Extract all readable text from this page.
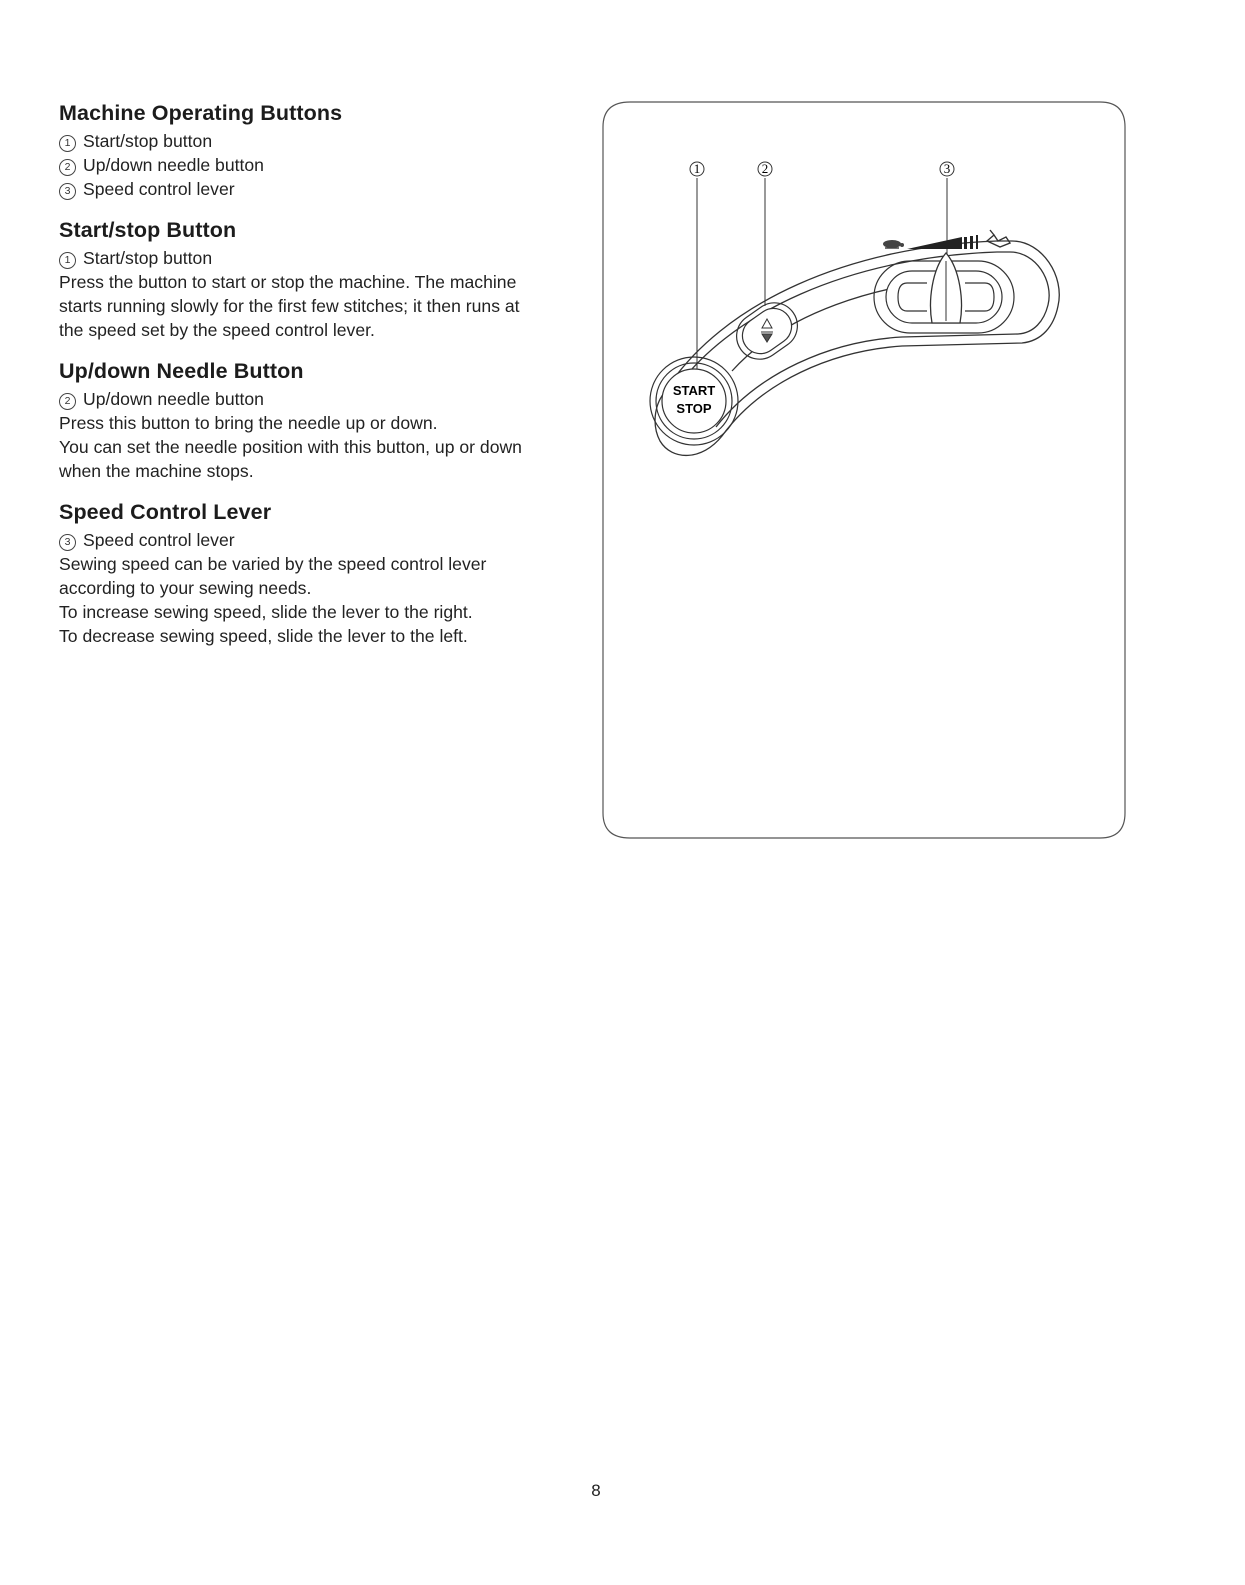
Machine Operating Buttons
1 Start/stop button
2 Up/down needle button
3 Speed control lever
Start/stop Button
1 Start/stop button
Press the button to start or stop the machine. The machine
starts running slowly for the first few stitches; it then runs at
the speed set by the speed control lever.
Up/down Needle Button
2 Up/down needle button
Press this button to bring the needle up or down.
You can set the needle position with this button, up or down
when the machine stops.
Speed Control Lever
3 Speed control lever
Sewing speed can be varied by the speed control lever
according to your sewing needs.
To increase sewing speed, slide the lever to the right.
To decrease sewing speed, slide the lever to the left.
1	2	3
START
STOP
8
